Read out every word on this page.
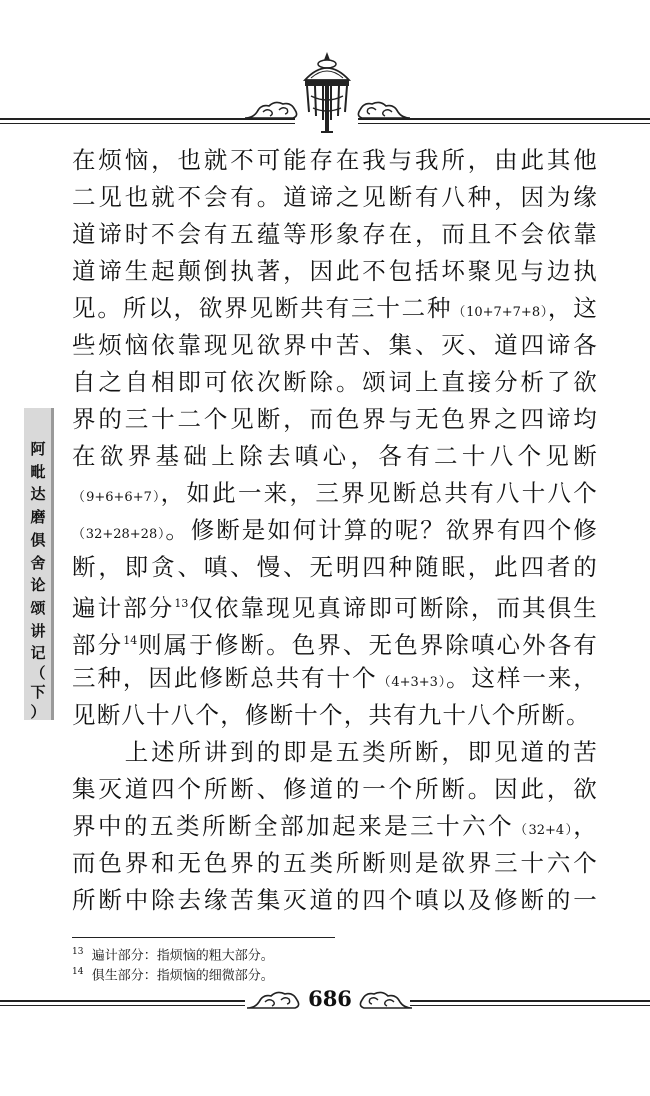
阿
毗
达
磨
俱
舍
论
颂
讲
记
（
下
）
在烦恼，也就不可能存在我与我所，由此其他
二见也就不会有。道谛之见断有八种，因为缘
道谛时不会有五蕴等形象存在，而且不会依靠
道谛生起颠倒执著，因此不包括坏聚见与边执
见。所以，欲界见断共有三十二种（10+7+7+8），这
些烦恼依靠现见欲界中苦、集、灭、道四谛各
自之自相即可依次断除。颂词上直接分析了欲
界的三十二个见断，而色界与无色界之四谛均
在欲界基础上除去嗔心，各有二十八个见断
（9+6+6+7），如此一来，三界见断总共有八十八个
（32+28+28）。修断是如何计算的呢？欲界有四个修
断，即贪、嗔、慢、无明四种随眠，此四者的
遍计部分$^{13}$仅依靠现见真谛即可断除，而其俱生
部分$^{14}$则属于修断。色界、无色界除嗔心外各有
三种，因此修断总共有十个（4+3+3）。这样一来，
见断八十八个，修断十个，共有九十八个所断。
　　上述所讲到的即是五类所断，即见道的苦
集灭道四个所断、修道的一个所断。因此，欲
界中的五类所断全部加起来是三十六个（32+4），
而色界和无色界的五类所断则是欲界三十六个
所断中除去缘苦集灭道的四个嗔以及修断的一
$^{13}$ 遍计部分：指烦恼的粗大部分。
$^{14}$ 俱生部分：指烦恼的细微部分。
686
